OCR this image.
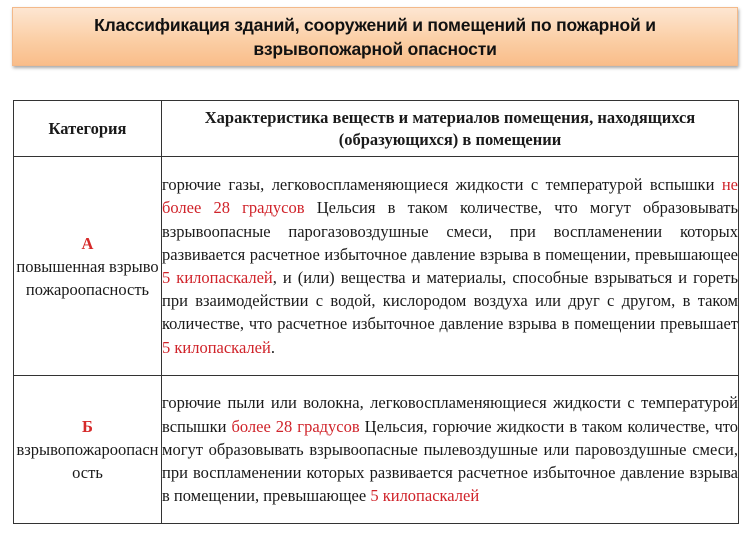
Классификация зданий, сооружений и помещений по пожарной и взрывопожарной опасности
Категория	Характеристика веществ и материалов помещения, находящихся (образующихся) в помещении

А
повышенная взрывопожароопасность	горючие газы, легковоспламеняющиеся жидкости с температурой вспышки не более 28 градусов Цельсия в таком количестве, что могут образовывать взрывоопасные парогазовоздушные смеси, при воспламенении которых развивается расчетное избыточное давление взрыва в помещении, превышающее 5 килопаскалей, и (или) вещества и материалы, способные взрываться и гореть при взаимодействии с водой, кислородом воздуха или друг с другом, в таком количестве, что расчетное избыточное давление взрыва в помещении превышает 5 килопаскалей.

Б
взрывопожароопасность	горючие пыли или волокна, легковоспламеняющиеся жидкости с температурой вспышки более 28 градусов Цельсия, горючие жидкости в таком количестве, что могут образовывать взрывоопасные пылевоздушные или паровоздушные смеси, при воспламенении которых развивается расчетное избыточное давление взрыва в помещении, превышающее 5 килопаскалей
